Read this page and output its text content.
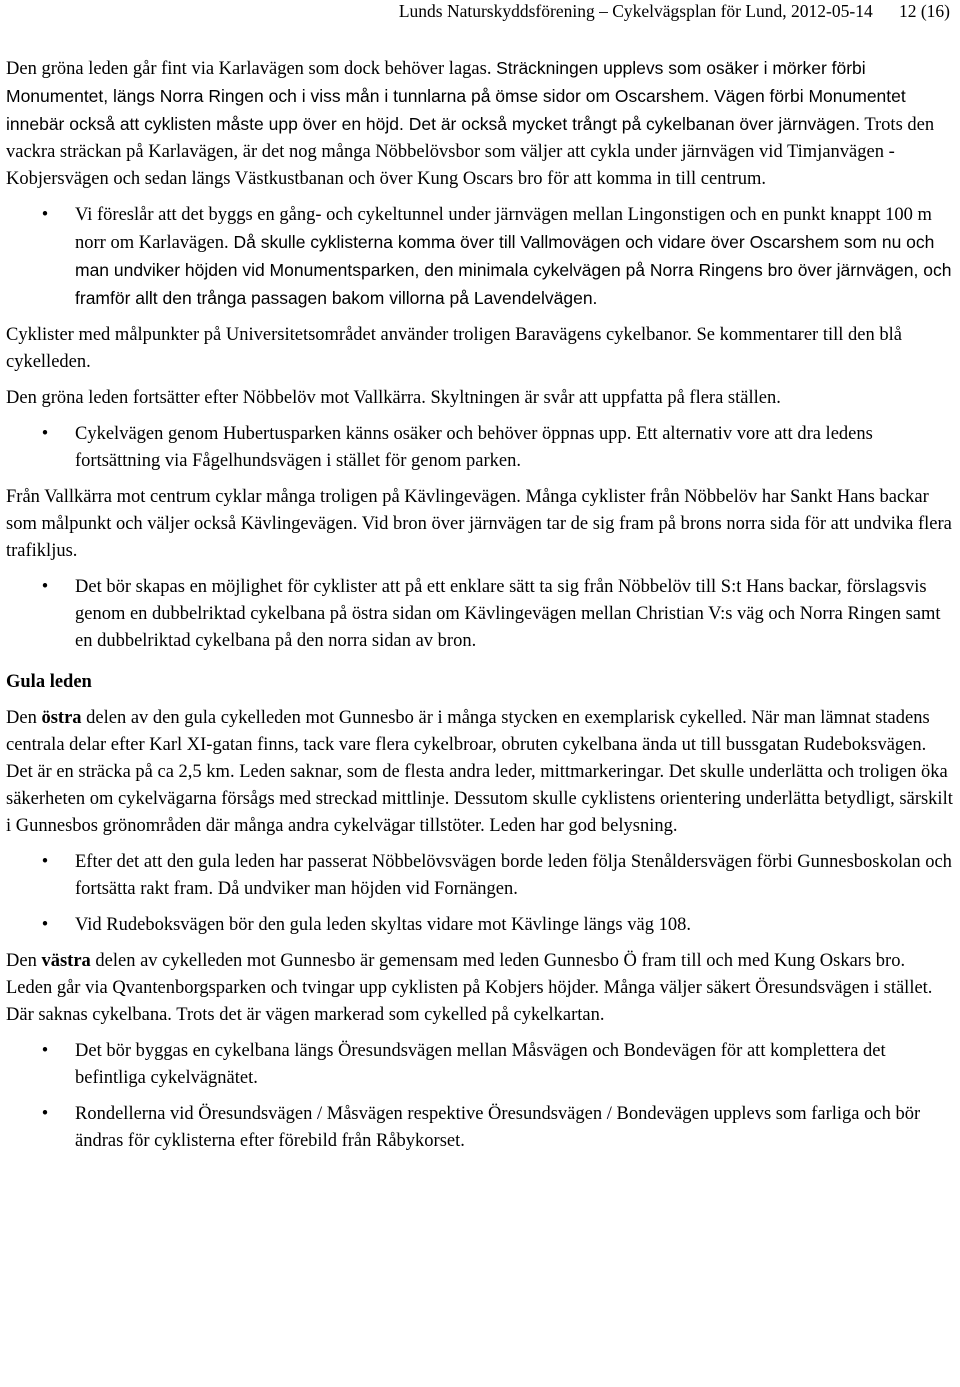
Lunds Naturskyddsförening – Cykelvägsplan för Lund, 2012-05-14 12 (16)

Den gröna leden går fint via Karlavägen som dock behöver lagas. Sträckningen upplevs som osäker i mörker förbi Monumentet, längs Norra Ringen och i viss mån i tunnlarna på ömse sidor om Oscarshem. Vägen förbi Monumentet innebär också att cyklisten måste upp över en höjd. Det är också mycket trångt på cykelbanan över järnvägen. Trots den vackra sträckan på Karlavägen, är det nog många Nöbbelövsbor som väljer att cykla under järnvägen vid Timjanvägen - Kobjersvägen och sedan längs Västkustbanan och över Kung Oscars bro för att komma in till centrum.

•	Vi föreslår att det byggs en gång- och cykeltunnel under järnvägen mellan Lingonstigen och en punkt knappt 100 m norr om Karlavägen. Då skulle cyklisterna komma över till Vallmovägen och vidare över Oscarshem som nu och man undviker höjden vid Monumentsparken, den minimala cykelvägen på Norra Ringens bro över järnvägen, och framför allt den trånga passagen bakom villorna på Lavendelvägen.

Cyklister med målpunkter på Universitetsområdet använder troligen Baravägens cykelbanor. Se kommentarer till den blå cykelleden.

Den gröna leden fortsätter efter Nöbbelöv mot Vallkärra. Skyltningen är svår att uppfatta på flera ställen.

•	Cykelvägen genom Hubertusparken känns osäker och behöver öppnas upp. Ett alternativ vore att dra ledens fortsättning via Fågelhundsvägen i stället för genom parken.

Från Vallkärra mot centrum cyklar många troligen på Kävlingevägen. Många cyklister från Nöbbelöv har Sankt Hans backar som målpunkt och väljer också Kävlingevägen. Vid bron över järnvägen tar de sig fram på brons norra sida för att undvika flera trafikljus.

•	Det bör skapas en möjlighet för cyklister att på ett enklare sätt ta sig från Nöbbelöv till S:t Hans backar, förslagsvis genom en dubbelriktad cykelbana på östra sidan om Kävlingevägen mellan Christian V:s väg och Norra Ringen samt en dubbelriktad cykelbana på den norra sidan av bron.
Gula leden

Den östra delen av den gula cykelleden mot Gunnesbo är i många stycken en exemplarisk cykelled. När man lämnat stadens centrala delar efter Karl XI-gatan finns, tack vare flera cykelbroar, obruten cykelbana ända ut till bussgatan Rudeboksvägen. Det är en sträcka på ca 2,5 km. Leden saknar, som de flesta andra leder, mittmarkeringar. Det skulle underlätta och troligen öka säkerheten om cykelvägarna försågs med streckad mittlinje. Dessutom skulle cyklistens orientering underlätta betydligt, särskilt i Gunnesbos grönområden där många andra cykelvägar tillstöter. Leden har god belysning.

•	Efter det att den gula leden har passerat Nöbbelövsvägen borde leden följa Stenåldersvägen förbi Gunnesboskolan och fortsätta rakt fram. Då undviker man höjden vid Fornängen.
•	Vid Rudeboksvägen bör den gula leden skyltas vidare mot Kävlinge längs väg 108.

Den västra delen av cykelleden mot Gunnesbo är gemensam med leden Gunnesbo Ö fram till och med Kung Oskars bro. Leden går via Qvantenborgsparken och tvingar upp cyklisten på Kobjers höjder. Många väljer säkert Öresundsvägen i stället. Där saknas cykelbana. Trots det är vägen markerad som cykelled på cykelkartan.

•	Det bör byggas en cykelbana längs Öresundsvägen mellan Måsvägen och Bondevägen för att komplettera det befintliga cykelvägnätet.
•	Rondellerna vid Öresundsvägen / Måsvägen respektive Öresundsvägen / Bondevägen upplevs som farliga och bör ändras för cyklisterna efter förebild från Råbykorset.
